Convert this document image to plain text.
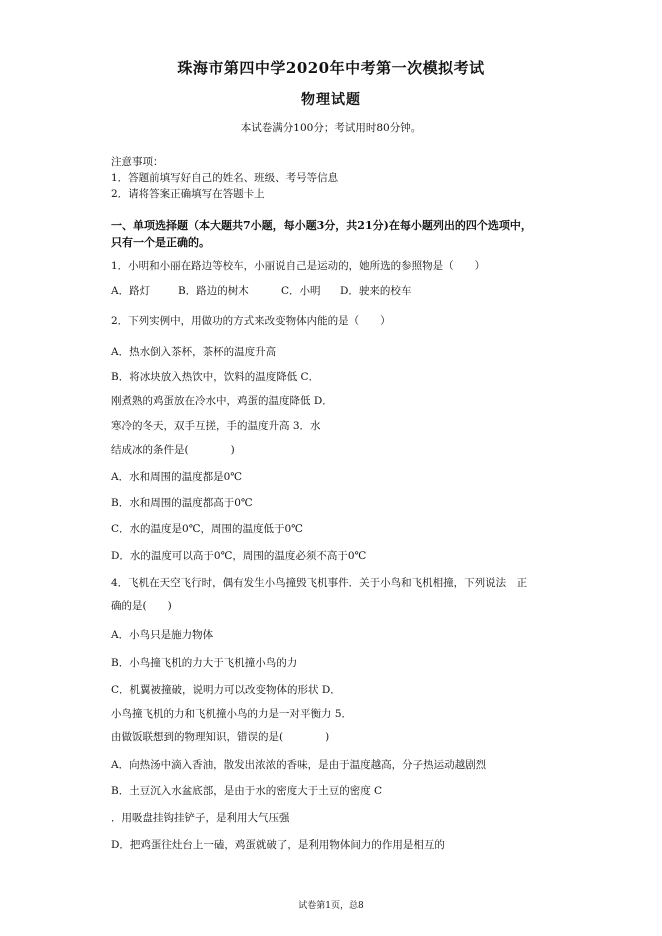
珠海市第四中学2020年中考第一次模拟考试
物理试题
本试卷满分100分；考试用时80分钟。
注意事项：
1．答题前填写好自己的姓名、班级、考号等信息
2．请将答案正确填写在答题卡上
一、单项选择题（本大题共7小题，每小题3分，共21分)在每小题列出的四个选项中，
只有一个是正确的。
1．小明和小丽在路边等校车，小丽说自己是运动的，她所选的参照物是（　　）
A．路灯	B．路边的树木	C．小明 D．驶来的校车
2．下列实例中，用做功的方式来改变物体内能的是（　　）
A．热水倒入茶杯，茶杯的温度升高
B．将冰块放入热饮中，饮料的温度降低 C．
刚煮熟的鸡蛋放在冷水中，鸡蛋的温度降低 D．
寒冷的冬天，双手互搓，手的温度升高 3．水
结成冰的条件是(　　　　)
A．水和周围的温度都是0℃
B．水和周围的温度都高于0℃
C．水的温度是0℃，周围的温度低于0℃
D．水的温度可以高于0℃，周围的温度必须不高于0℃
4．飞机在天空飞行时，偶有发生小鸟撞毁飞机事件．关于小鸟和飞机相撞，下列说法　正
确的是(　　)
A．小鸟只是施力物体
B．小鸟撞飞机的力大于飞机撞小鸟的力
C．机翼被撞破，说明力可以改变物体的形状 D．
小鸟撞飞机的力和飞机撞小鸟的力是一对平衡力 5．
由做饭联想到的物理知识，错误的是(　　　　)
A．向热汤中滴入香油，散发出浓浓的香味，是由于温度越高，分子热运动越剧烈
B．土豆沉入水盆底部，是由于水的密度大于土豆的密度 C
．用吸盘挂钩挂铲子，是利用大气压强
D．把鸡蛋往灶台上一磕，鸡蛋就破了，是利用物体间力的作用是相互的
试卷第1页，总8
